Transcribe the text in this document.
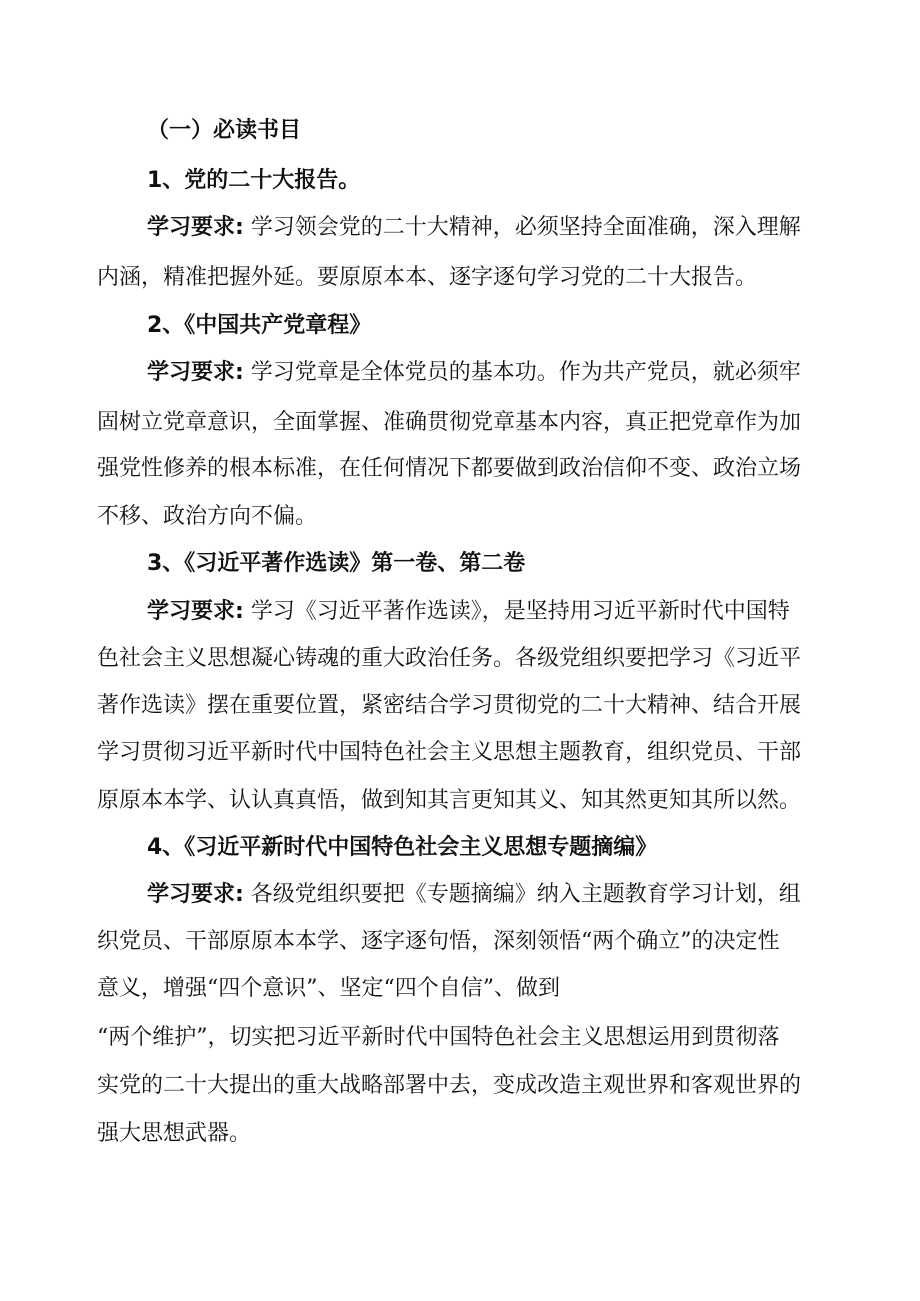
（一）必读书目
1、党的二十大报告。
学习要求: 学习领会党的二十大精神，必须坚持全面准确，深入理解
内涵，精准把握外延。要原原本本、逐字逐句学习党的二十大报告。
2、《中国共产党章程》
学习要求: 学习党章是全体党员的基本功。作为共产党员，就必须牢
固树立党章意识，全面掌握、准确贯彻党章基本内容，真正把党章作为加
强党性修养的根本标准，在任何情况下都要做到政治信仰不变、政治立场
不移、政治方向不偏。
3、《习近平著作选读》第一卷、第二卷
学习要求: 学习《习近平著作选读》，是坚持用习近平新时代中国特
色社会主义思想凝心铸魂的重大政治任务。各级党组织要把学习《习近平
著作选读》摆在重要位置，紧密结合学习贯彻党的二十大精神、结合开展
学习贯彻习近平新时代中国特色社会主义思想主题教育，组织党员、干部
原原本本学、认认真真悟，做到知其言更知其义、知其然更知其所以然。
4、《习近平新时代中国特色社会主义思想专题摘编》
学习要求: 各级党组织要把《专题摘编》纳入主题教育学习计划，组
织党员、干部原原本本学、逐字逐句悟，深刻领悟“两个确立”的决定性
意义，增强“四个意识”、坚定“四个自信”、做到
“两个维护”，切实把习近平新时代中国特色社会主义思想运用到贯彻落
实党的二十大提出的重大战略部署中去，变成改造主观世界和客观世界的
强大思想武器。
